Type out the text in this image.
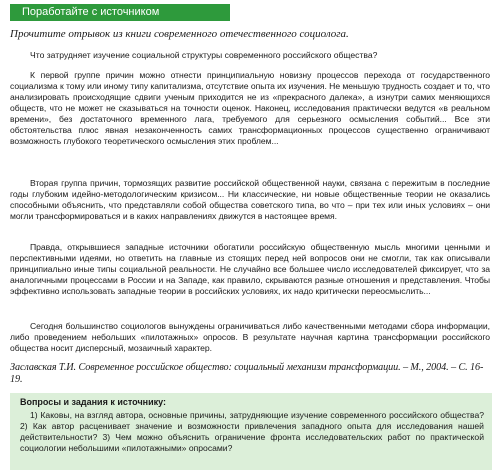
Поработайте с источником
Прочитите отрывок из книги современного отечественного социолога.
Что затрудняет изучение социальной структуры современного российского общества?

К первой группе причин можно отнести принципиальную новизну процессов перехода от государственного социализма к тому или иному типу капитализма, отсутствие опыта их изучения. Не меньшую трудность создает и то, что анализировать происходящие сдвиги ученым приходится не из «прекрасного далека», а изнутри самих меняющихся обществ, что не может не сказываться на точности оценок. Наконец, исследования практически ведутся «в реальном времени», без достаточного временного лага, требуемого для серьезного осмысления событий... Все эти обстоятельства плюс явная незаконченность самих трансформационных процессов существенно ограничивают возможность глубокого теоретического осмысления этих проблем...

Вторая группа причин, тормозящих развитие российской общественной науки, связана с пережитым в последние годы глубоким идейно-методологическим кризисом... Ни классические, ни новые общественные теории не оказались способными объяснить, что представляли собой общества советского типа, во что – при тех или иных условиях – они могли трансформироваться и в каких направлениях движутся в настоящее время.

Правда, открывшиеся западные источники обогатили российскую общественную мысль многими ценными и перспективными идеями, но ответить на главные из стоящих перед ней вопросов они не смогли, так как описывали принципиально иные типы социальной реальности. Не случайно все большее число исследователей фиксирует, что за аналогичными процессами в России и на Западе, как правило, скрываются разные отношения и представления. Чтобы эффективно использовать западные теории в российских условиях, их надо критически переосмыслить...

Сегодня большинство социологов вынуждены ограничиваться либо качественными методами сбора информации, либо проведением небольших «пилотажных» опросов. В результате научная картина трансформации российского общества носит дисперсный, мозаичный характер.

Заславская Т.И. Современное российское общество: социальный механизм трансформации. – М., 2004. – С. 16-19.
Вопросы и задания к источнику:

1) Каковы, на взгляд автора, основные причины, затрудняющие изучение современного российского общества? 2) Как автор расценивает значение и возможности привлечения западного опыта для исследования нашей действительности? 3) Чем можно объяснить ограничение фронта исследовательских работ по практической социологии небольшими «пилотажными» опросами?
